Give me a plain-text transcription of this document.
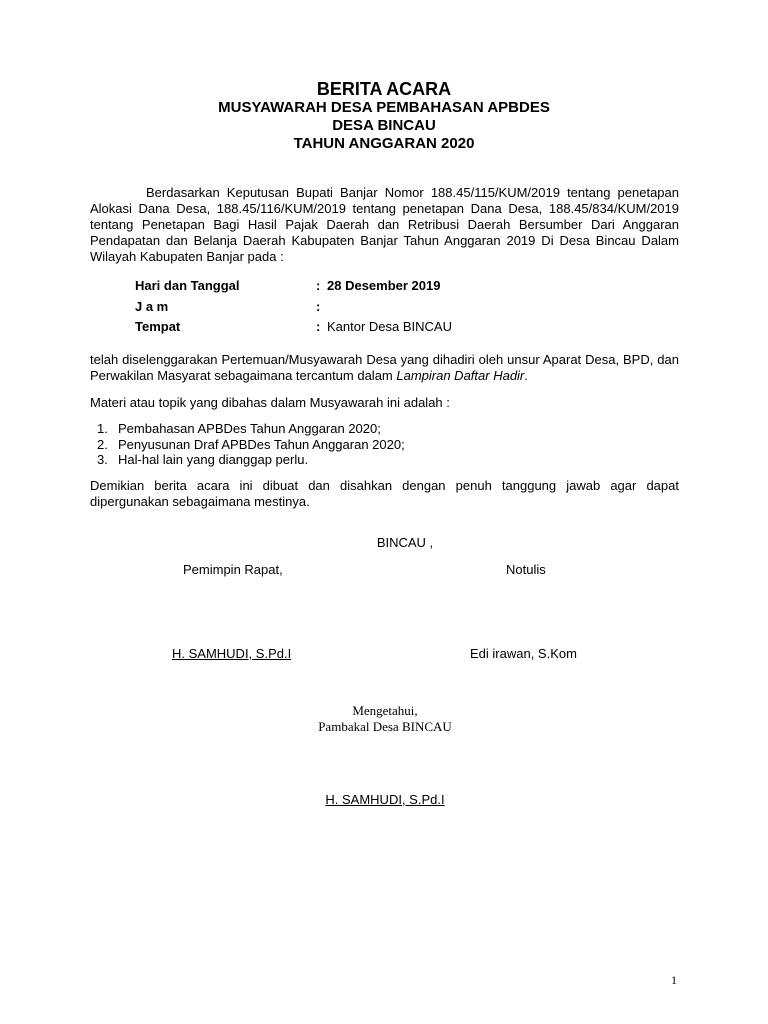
BERITA ACARA
MUSYAWARAH DESA PEMBAHASAN APBDES
DESA BINCAU
TAHUN ANGGARAN 2020
Berdasarkan Keputusan Bupati Banjar Nomor 188.45/115/KUM/2019 tentang penetapan Alokasi Dana Desa, 188.45/116/KUM/2019 tentang penetapan Dana Desa, 188.45/834/KUM/2019 tentang Penetapan Bagi Hasil Pajak Daerah dan Retribusi Daerah Bersumber Dari Anggaran Pendapatan dan Belanja Daerah Kabupaten Banjar Tahun Anggaran 2019 Di Desa Bincau Dalam Wilayah Kabupaten Banjar pada :
Hari dan Tanggal	: 28 Desember 2019
J a m	:
Tempat	: Kantor Desa BINCAU
telah diselenggarakan Pertemuan/Musyawarah Desa yang dihadiri oleh unsur Aparat Desa, BPD, dan Perwakilan Masyarat sebagaimana tercantum dalam Lampiran Daftar Hadir.
Materi atau topik yang dibahas dalam Musyawarah ini adalah :
1. Pembahasan APBDes Tahun Anggaran 2020;
2. Penyusunan Draf APBDes Tahun Anggaran 2020;
3. Hal-hal lain yang dianggap perlu.
Demikian berita acara ini dibuat dan disahkan dengan penuh tanggung jawab agar dapat dipergunakan sebagaimana mestinya.
BINCAU ,
Pemimpin Rapat,	Notulis
H. SAMHUDI, S.Pd.I	Edi irawan, S.Kom
Mengetahui,
Pambakal Desa BINCAU
H. SAMHUDI, S.Pd.I
1
